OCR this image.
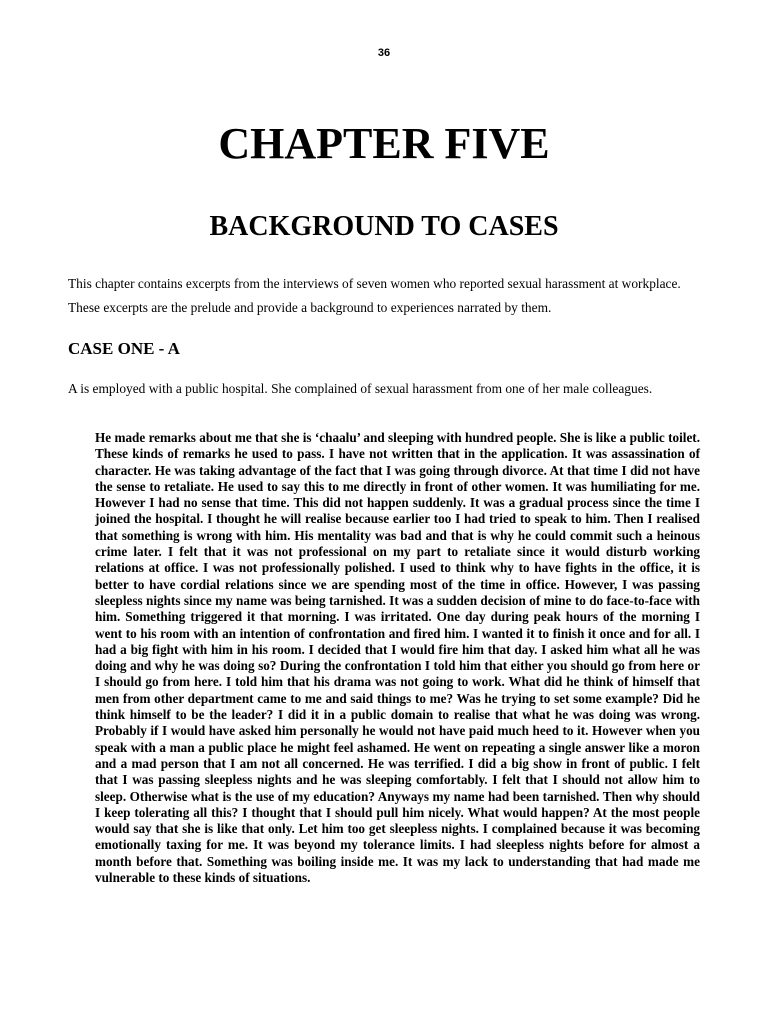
36
CHAPTER FIVE
BACKGROUND TO CASES
This chapter contains excerpts from the interviews of seven women who reported sexual harassment at workplace.
These excerpts are the prelude and provide a background to experiences narrated by them.
CASE ONE - A

A is employed with a public hospital. She complained of sexual harassment from one of her male colleagues.

He made remarks about me that she is ‘chaalu’ and sleeping with hundred people. She is like a public toilet. These kinds of remarks he used to pass. I have not written that in the application. It was assassination of character. He was taking advantage of the fact that I was going through divorce. At that time I did not have the sense to retaliate. He used to say this to me directly in front of other women. It was humiliating for me. However I had no sense that time. This did not happen suddenly. It was a gradual process since the time I joined the hospital. I thought he will realise because earlier too I had tried to speak to him. Then I realised that something is wrong with him. His mentality was bad and that is why he could commit such a heinous crime later. I felt that it was not professional on my part to retaliate since it would disturb working relations at office. I was not professionally polished. I used to think why to have fights in the office, it is better to have cordial relations since we are spending most of the time in office. However, I was passing sleepless nights since my name was being tarnished. It was a sudden decision of mine to do face-to-face with him. Something triggered it that morning. I was irritated. One day during peak hours of the morning I went to his room with an intention of confrontation and fired him. I wanted it to finish it once and for all. I had a big fight with him in his room. I decided that I would fire him that day. I asked him what all he was doing and why he was doing so? During the confrontation I told him that either you should go from here or I should go from here. I told him that his drama was not going to work. What did he think of himself that men from other department came to me and said things to me? Was he trying to set some example? Did he think himself to be the leader? I did it in a public domain to realise that what he was doing was wrong. Probably if I would have asked him personally he would not have paid much heed to it. However when you speak with a man a public place he might feel ashamed. He went on repeating a single answer like a moron and a mad person that I am not all concerned. He was terrified. I did a big show in front of public. I felt that I was passing sleepless nights and he was sleeping comfortably. I felt that I should not allow him to sleep. Otherwise what is the use of my education? Anyways my name had been tarnished. Then why should I keep tolerating all this? I thought that I should pull him nicely. What would happen? At the most people would say that she is like that only. Let him too get sleepless nights. I complained because it was becoming emotionally taxing for me. It was beyond my tolerance limits. I had sleepless nights before for almost a month before that. Something was boiling inside me. It was my lack to understanding that had made me vulnerable to these kinds of situations.
